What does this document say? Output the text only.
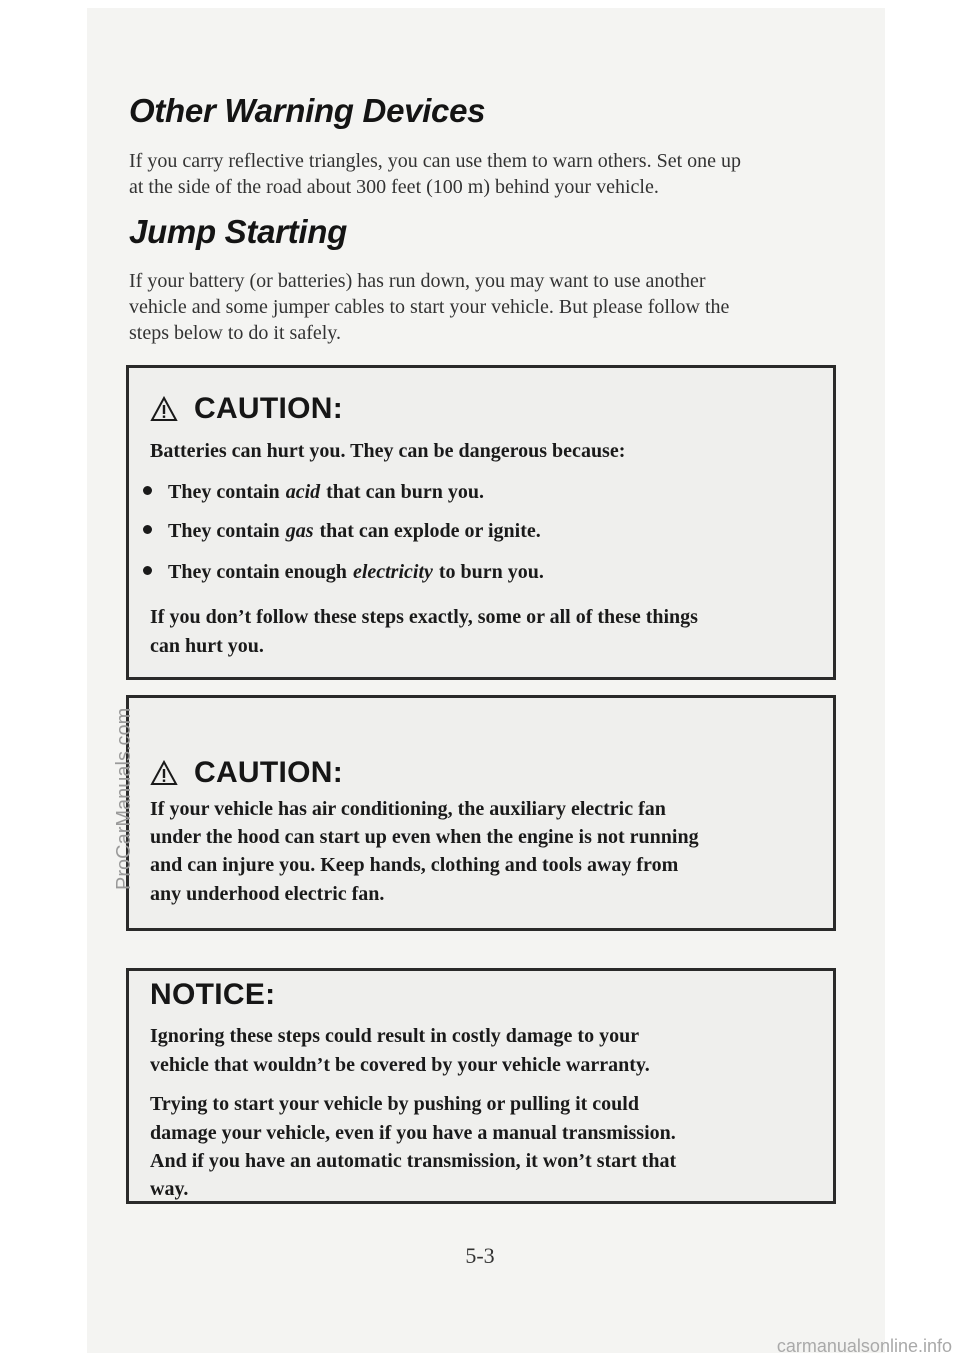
Other Warning Devices

If you carry reflective triangles, you can use them to warn others. Set one up

at the side of the road about 300 feet (100 m) behind your vehicle.

Jump Starting

If your battery (or batteries) has run down, you may want to use another

vehicle and some jumper cables to start your vehicle. But please follow the

steps below to do it safely.

CAUTION:

Batteries can hurt you. They can be dangerous because:

They contain acid that can burn you.
They contain gas that can explode or ignite.
They contain enough electricity to burn you.

If you don’t follow these steps exactly, some or all of these things

can hurt you.

CAUTION:

If your vehicle has air conditioning, the auxiliary electric fan

under the hood can start up even when the engine is not running

and can injure you. Keep hands, clothing and tools away from

any underhood electric fan.

NOTICE:

Ignoring these steps could result in costly damage to your

vehicle that wouldn’t be covered by your vehicle warranty.

Trying to start your vehicle by pushing or pulling it could

damage your vehicle, even if you have a manual transmission.

And if you have an automatic transmission, it won’t start that

way.

5-3
ProCarManuals.com
carmanualsonline.info
